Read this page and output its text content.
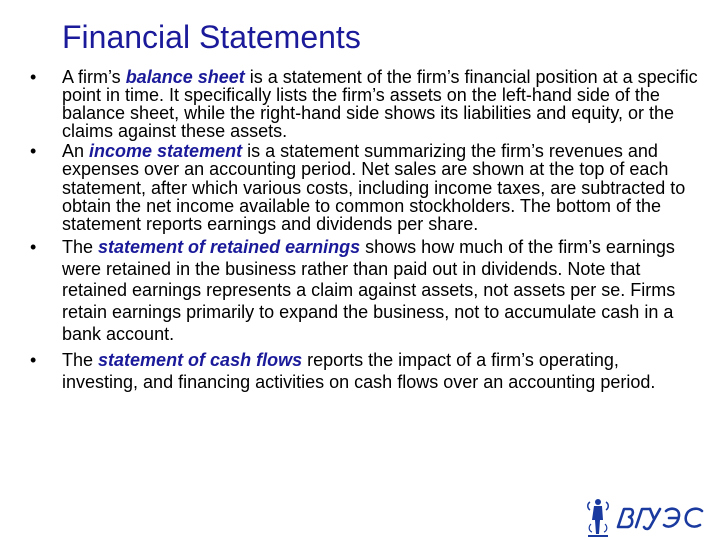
Financial Statements
• A firm’s balance sheet is a statement of the firm’s financial position at a specific point in time. It specifically lists the firm’s assets on the left-hand side of the balance sheet, while the right-hand side shows its liabilities and equity, or the claims against these assets.
• An income statement is a statement summarizing the firm’s revenues and expenses over an accounting period. Net sales are shown at the top of each statement, after which various costs, including income taxes, are subtracted to obtain the net income available to common stockholders. The bottom of the statement reports earnings and dividends per share.
• The statement of retained earnings shows how much of the firm’s earnings were retained in the business rather than paid out in dividends. Note that retained earnings represents a claim against assets, not assets per se. Firms retain earnings primarily to expand the business, not to accumulate cash in a bank account.
• The statement of cash flows reports the impact of a firm’s operating, investing, and financing activities on cash flows over an accounting period.
